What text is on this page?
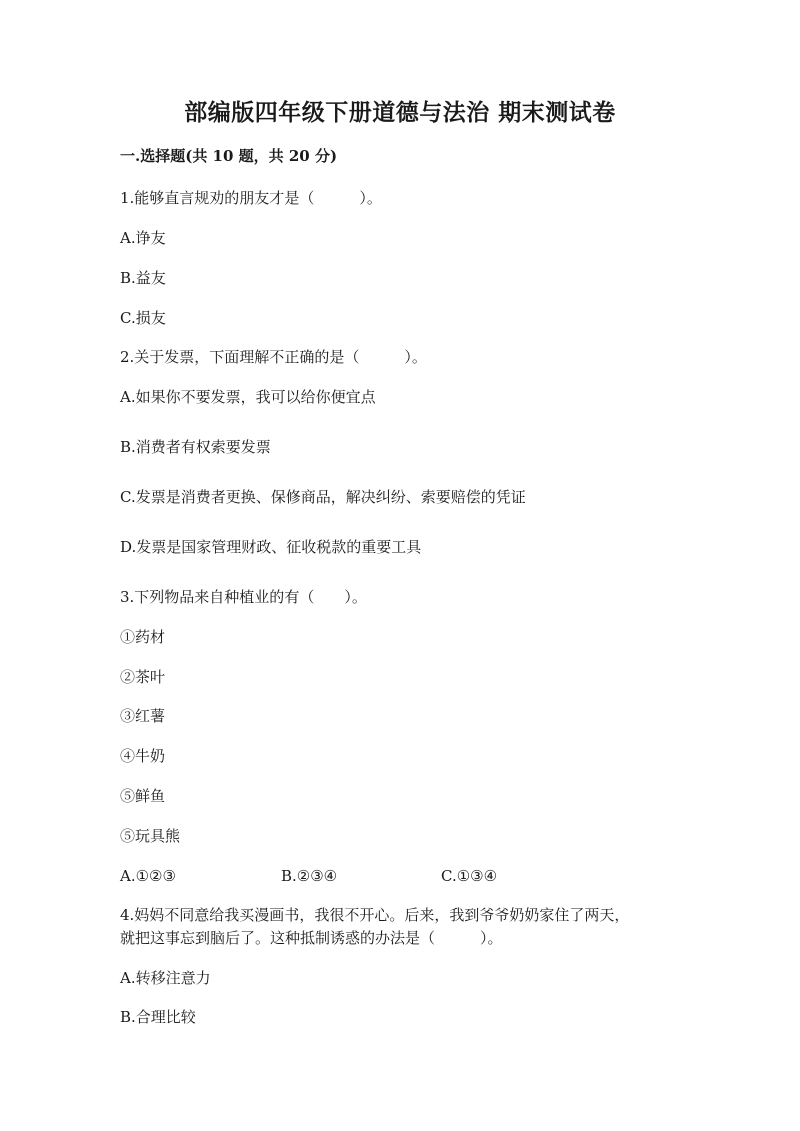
部编版四年级下册道德与法治 期末测试卷
一.选择题(共 10 题，共 20 分)
1.能够直言规劝的朋友才是（　　　）。
A.诤友
B.益友
C.损友
2.关于发票，下面理解不正确的是（　　　）。
A.如果你不要发票，我可以给你便宜点
B.消费者有权索要发票
C.发票是消费者更换、保修商品，解决纠纷、索要赔偿的凭证
D.发票是国家管理财政、征收税款的重要工具
3.下列物品来自种植业的有（　　）。
①药材
②茶叶
③红薯
④牛奶
⑤鲜鱼
⑤玩具熊
A.①②③	B.②③④	C.①③④
4.妈妈不同意给我买漫画书，我很不开心。后来，我到爷爷奶奶家住了两天，
就把这事忘到脑后了。这种抵制诱惑的办法是（　　　）。
A.转移注意力
B.合理比较
